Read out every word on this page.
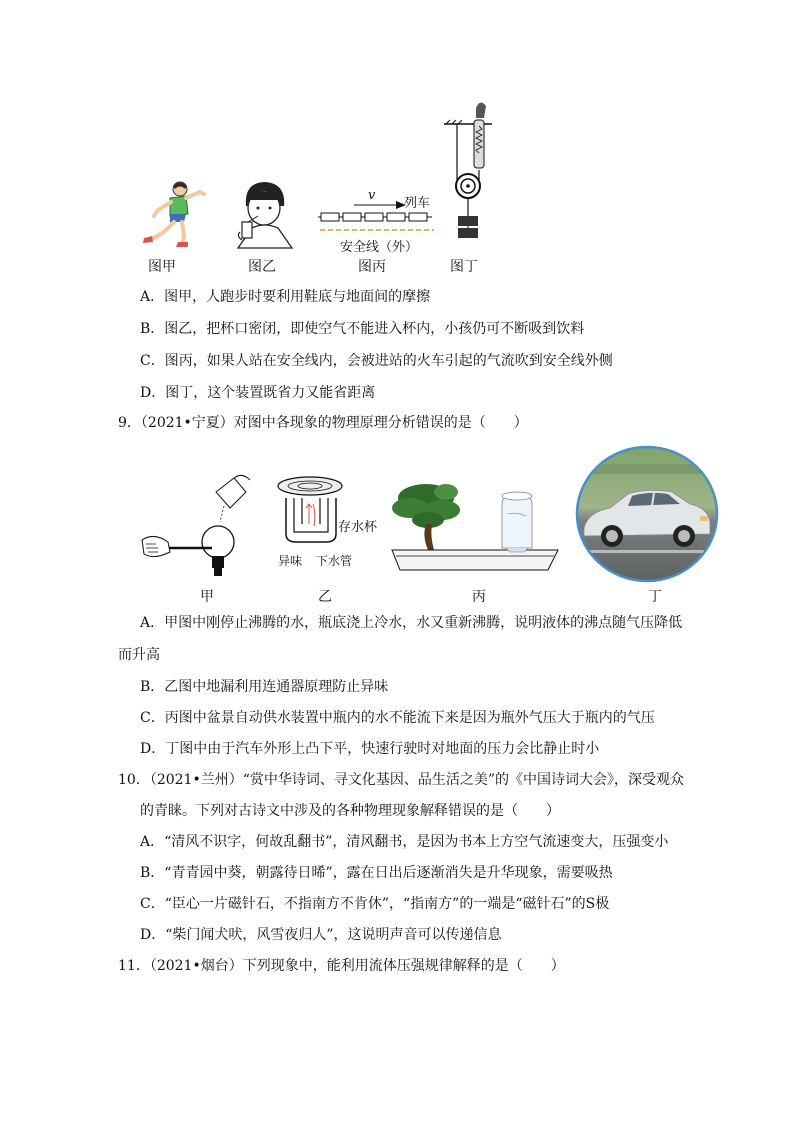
v
列车
安全线（外）
图甲	图乙	图丙	图丁
A．图甲，人跑步时要利用鞋底与地面间的摩擦
B．图乙，把杯口密闭，即使空气不能进入杯内，小孩仍可不断吸到饮料
C．图丙，如果人站在安全线内，会被进站的火车引起的气流吹到安全线外侧
D．图丁，这个装置既省力又能省距离
9．（2021•宁夏）对图中各现象的物理原理分析错误的是（　　）
存水杯
异味 下水管
甲	乙	丙	丁
A．甲图中刚停止沸腾的水，瓶底浇上冷水，水又重新沸腾，说明液体的沸点随气压降低
而升高
B．乙图中地漏利用连通器原理防止异味
C．丙图中盆景自动供水装置中瓶内的水不能流下来是因为瓶外气压大于瓶内的气压
D．丁图中由于汽车外形上凸下平，快速行驶时对地面的压力会比静止时小
10．（2021•兰州）“赏中华诗词、寻文化基因、品生活之美”的《中国诗词大会》，深受观众
的青睐。下列对古诗文中涉及的各种物理现象解释错误的是（　　）
A．“清风不识字，何故乱翻书”，清风翻书，是因为书本上方空气流速变大，压强变小
B．“青青园中葵，朝露待日晞”，露在日出后逐渐消失是升华现象，需要吸热
C．“臣心一片磁针石，不指南方不肯休”，“指南方”的一端是“磁针石”的S极
D．“柴门闻犬吠，风雪夜归人”，这说明声音可以传递信息
11．（2021•烟台）下列现象中，能利用流体压强规律解释的是（　　）
